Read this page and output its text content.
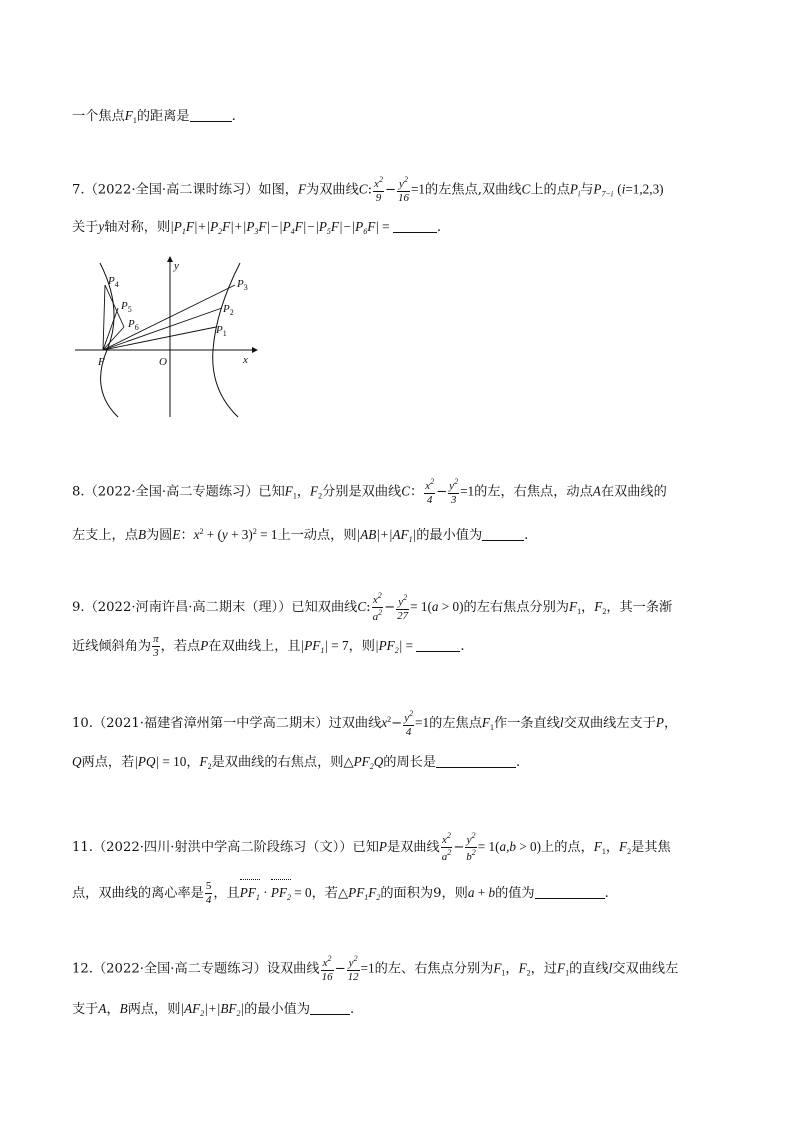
一个焦点$F_1$的距离是	.
7.（2022·全国·高二课时练习）如图，F为双曲线C: $\frac{x^2}{9} - \frac{y^2}{16} =1$的左焦点,双曲线C上的点$P_i$与$P_{7-i}$ (i=1,2,3)
关于y轴对称，则$|P_1F|+|P_2F|+|P_3F|-|P_4F|-|P_5F|-|P_6F|$ =	.
$P_1$
$P_2$
$P_3$
$P_4$
$P_5$
$P_6$
F	O	x
y
8.（2022·全国·高二专题练习）已知$F_1$，$F_2$分别是双曲线C： $\frac{x^2}{4} - \frac{y^2}{3} =1$的左，右焦点，动点A在双曲线的
左支上，点B为圆E：$x^2 + (y + 3)^2 = 1$上一动点，则$|AB|+|AF_1|$的最小值为	.
9.（2022·河南许昌·高二期末（理））已知双曲线C: $\frac{x^2}{a^2} - \frac{y^2}{27} = 1(a > 0)$的左右焦点分别为$F_1$，$F_2$，其一条渐
近线倾斜角为 $\frac{\pi}{3}$ ，若点P在双曲线上，且$|PF_1| = 7$，则$|PF_2|$ =	.
10.（2021·福建省漳州第一中学高二期末）过双曲线$x^2- \frac{y^2}{4} =1$的左焦点$F_1$作一条直线l交双曲线左支于P，
Q两点，若|PQ| = 10，$F_2$是双曲线的右焦点，则$\triangle PF_2Q$的周长是	.
11.（2022·四川·射洪中学高二阶段练习（文））已知P是双曲线 $\frac{x^2}{a^2} - \frac{y^2}{b^2} = 1(a,b > 0)$上的点，$F_1$，$F_2$是其焦
点，双曲线的离心率是 $\frac{5}{4}$ ，且$PF_1 \cdot PF_2 = 0$，若$\triangle PF_1F_2$的面积为9，则a + b的值为	.
12.（2022·全国·高二专题练习）设双曲线 $\frac{x^2}{16} - \frac{y^2}{12} =1$的左、右焦点分别为$F_1$，$F_2$，过$F_1$的直线l交双曲线左
支于A，B两点，则$|AF_2|+|BF_2|$的最小值为	.
